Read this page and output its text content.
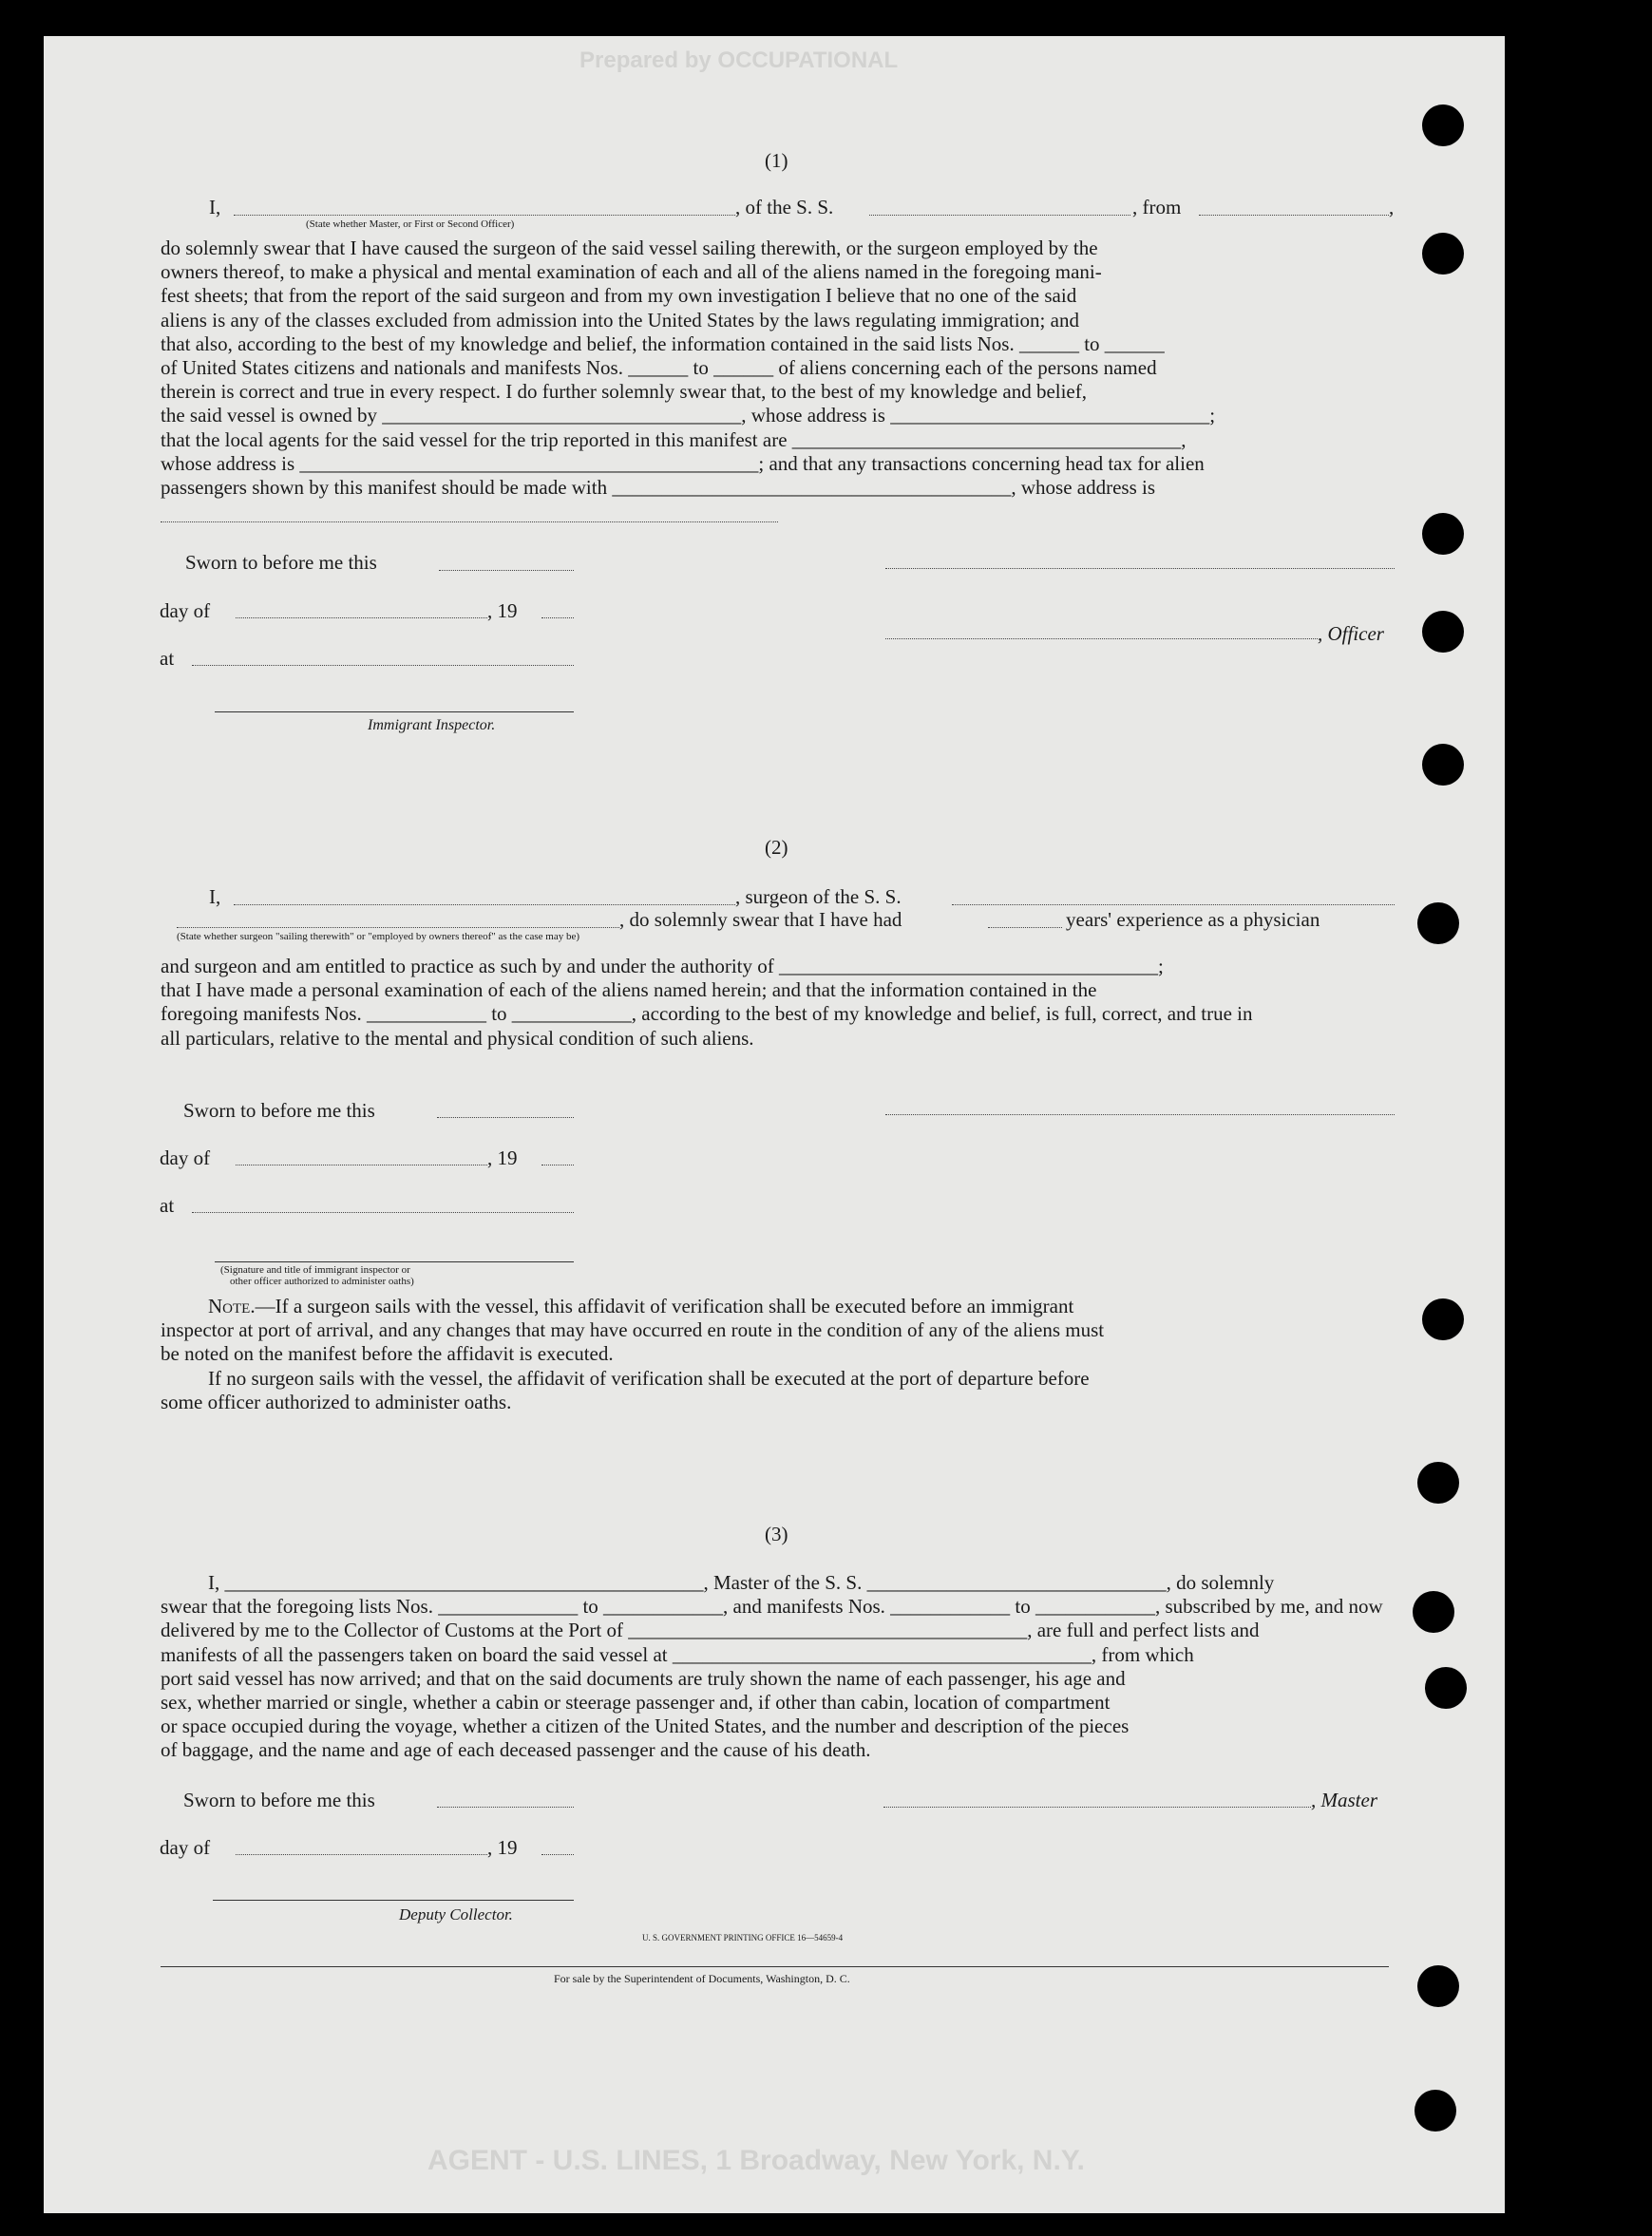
Prepared by OCCUPATIONAL
AGENT - U.S. LINES, 1 Broadway, New York, N.Y.
(1)
I,	, of the S. S.	, from	,
(State whether Master, or First or Second Officer)
do solemnly swear that I have caused the surgeon of the said vessel sailing therewith, or the surgeon employed by the
owners thereof, to make a physical and mental examination of each and all of the aliens named in the foregoing mani-
fest sheets; that from the report of the said surgeon and from my own investigation I believe that no one of the said
aliens is any of the classes excluded from admission into the United States by the laws regulating immigration; and
that also, according to the best of my knowledge and belief, the information contained in the said lists Nos. ______ to ______
of United States citizens and nationals and manifests Nos. ______ to ______ of aliens concerning each of the persons named
therein is correct and true in every respect. I do further solemnly swear that, to the best of my knowledge and belief,
the said vessel is owned by ____________________________________, whose address is ________________________________;
that the local agents for the said vessel for the trip reported in this manifest are _______________________________________,
whose address is ______________________________________________; and that any transactions concerning head tax for alien
passengers shown by this manifest should be made with ________________________________________, whose address is
Sworn to before me this
day of	, 19
, Officer
at
Immigrant Inspector.
(2)
I,	, surgeon of the S. S.
, do solemnly swear that I have had	years' experience as a physician
(State whether surgeon "sailing therewith" or "employed by owners thereof" as the case may be)
and surgeon and am entitled to practice as such by and under the authority of ______________________________________;
that I have made a personal examination of each of the aliens named herein; and that the information contained in the
foregoing manifests Nos. ____________ to ____________, according to the best of my knowledge and belief, is full, correct, and true in
all particulars, relative to the mental and physical condition of such aliens.
Sworn to before me this
day of	, 19
at
(Signature and title of immigrant inspector or
other officer authorized to administer oaths)
Note.—If a surgeon sails with the vessel, this affidavit of verification shall be executed before an immigrant
inspector at port of arrival, and any changes that may have occurred en route in the condition of any of the aliens must
be noted on the manifest before the affidavit is executed.
If no surgeon sails with the vessel, the affidavit of verification shall be executed at the port of departure before
some officer authorized to administer oaths.
(3)
I, ________________________________________________, Master of the S. S. ______________________________, do solemnly
swear that the foregoing lists Nos. ______________ to ____________, and manifests Nos. ____________ to ____________, subscribed by me, and now
delivered by me to the Collector of Customs at the Port of ________________________________________, are full and perfect lists and
manifests of all the passengers taken on board the said vessel at __________________________________________, from which
port said vessel has now arrived; and that on the said documents are truly shown the name of each passenger, his age and
sex, whether married or single, whether a cabin or steerage passenger and, if other than cabin, location of compartment
or space occupied during the voyage, whether a citizen of the United States, and the number and description of the pieces
of baggage, and the name and age of each deceased passenger and the cause of his death.
Sworn to before me this	, Master
day of	, 19
Deputy Collector.
U. S. GOVERNMENT PRINTING OFFICE 16—54659-4
For sale by the Superintendent of Documents, Washington, D. C.
